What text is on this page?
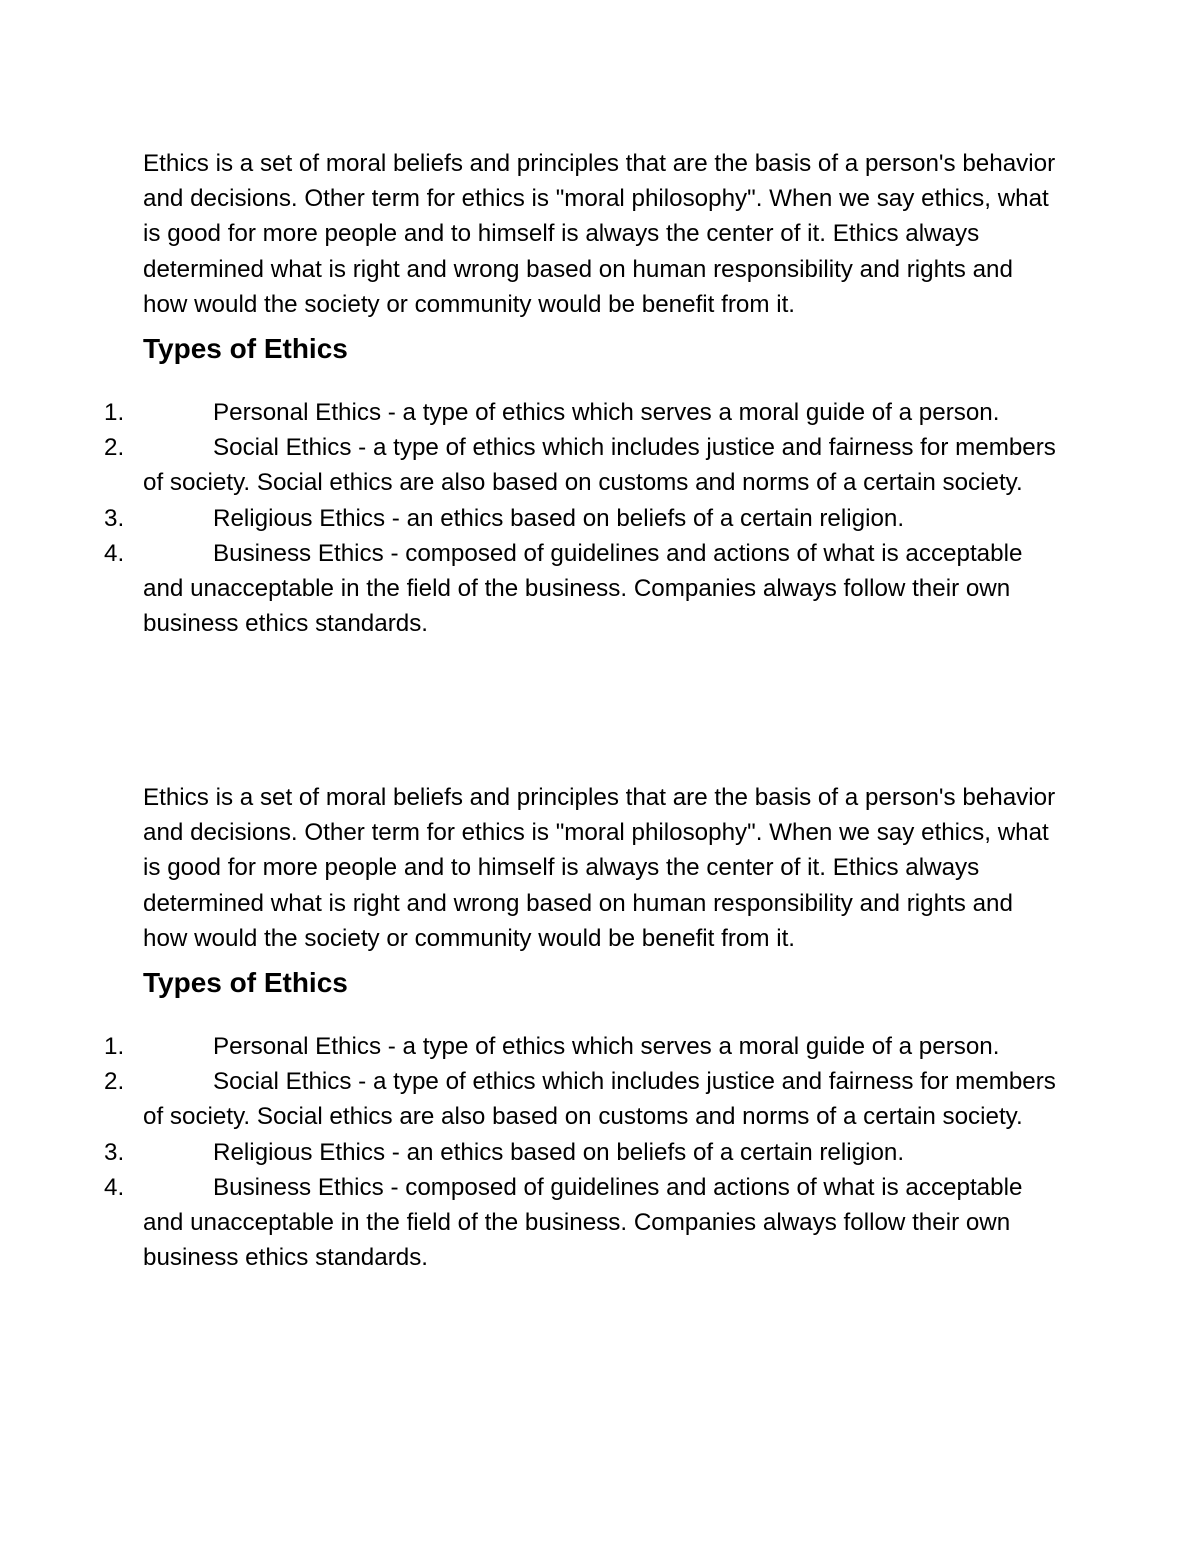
Ethics is a set of moral beliefs and principles that are the basis of a person's behavior and decisions. Other term for ethics is "moral philosophy". When we say ethics, what is good for more people and to himself is always the center of it. Ethics always determined what is right and wrong based on human responsibility and rights and how would the society or community would be benefit from it.

Types of Ethics
1.	Personal Ethics - a type of ethics which serves a moral guide of a person.
2.	Social Ethics - a type of ethics which includes justice and fairness for members of society. Social ethics are also based on customs and norms of a certain society.
3.	Religious Ethics - an ethics based on beliefs of a certain religion.
4.	Business Ethics - composed of guidelines and actions of what is acceptable and unacceptable in the field of the business. Companies always follow their own business ethics standards.

Ethics is a set of moral beliefs and principles that are the basis of a person's behavior and decisions. Other term for ethics is "moral philosophy". When we say ethics, what is good for more people and to himself is always the center of it. Ethics always determined what is right and wrong based on human responsibility and rights and how would the society or community would be benefit from it.

Types of Ethics
1.	Personal Ethics - a type of ethics which serves a moral guide of a person.
2.	Social Ethics - a type of ethics which includes justice and fairness for members of society. Social ethics are also based on customs and norms of a certain society.
3.	Religious Ethics - an ethics based on beliefs of a certain religion.
4.	Business Ethics - composed of guidelines and actions of what is acceptable and unacceptable in the field of the business. Companies always follow their own business ethics standards.
